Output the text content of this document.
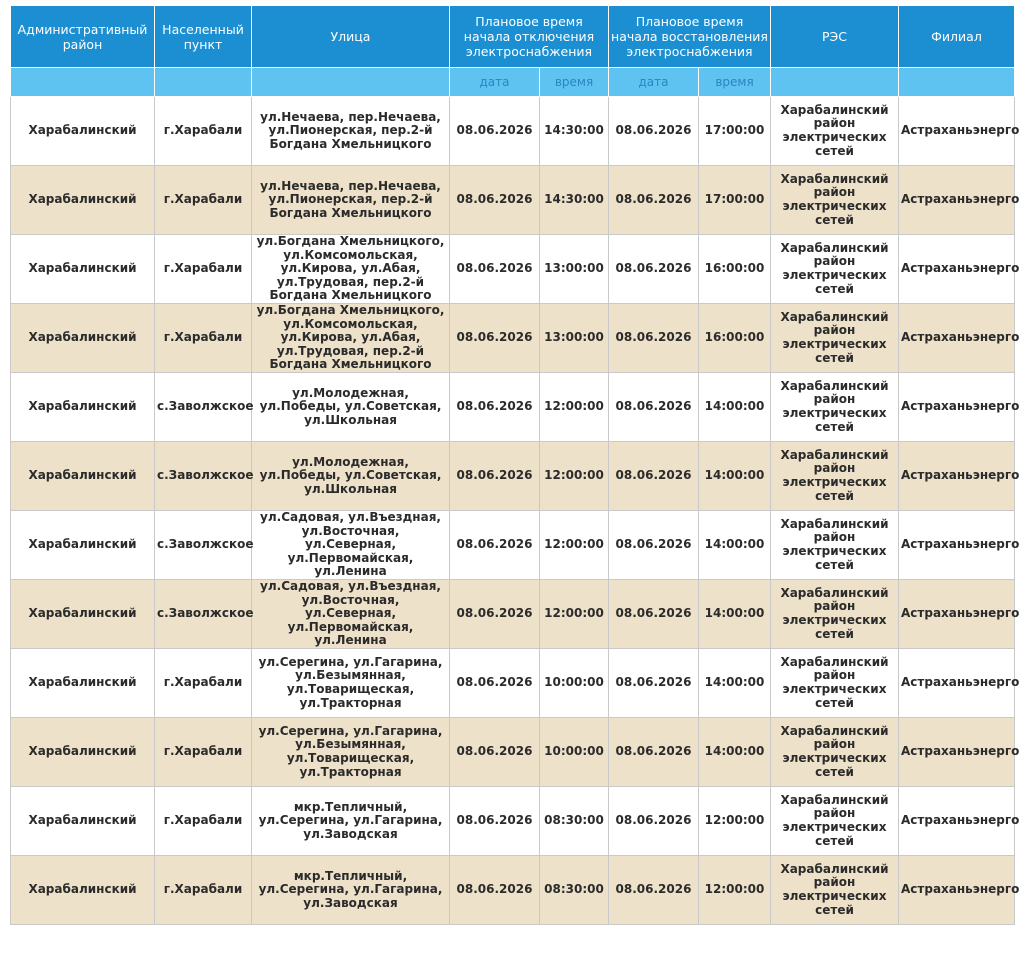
Административный район	Населенный пункт	Улица	Плановое время начала отключения электроснабжения		Плановое время начала восстановления электроснабжения		РЭС	Филиал
			дата	время	дата	время		
Харабалинский	г.Харабали	ул.Нечаева, пер.Нечаева, ул.Пионерская, пер.2-й Богдана Хмельницкого	08.06.2026	14:30:00	08.06.2026	17:00:00	Харабалинский район электрических сетей	Астраханьэнерго
Харабалинский	г.Харабали	ул.Нечаева, пер.Нечаева, ул.Пионерская, пер.2-й Богдана Хмельницкого	08.06.2026	14:30:00	08.06.2026	17:00:00	Харабалинский район электрических сетей	Астраханьэнерго
Харабалинский	г.Харабали	ул.Богдана Хмельницкого, ул.Комсомольская, ул.Кирова, ул.Абая, ул.Трудовая, пер.2-й Богдана Хмельницкого	08.06.2026	13:00:00	08.06.2026	16:00:00	Харабалинский район электрических сетей	Астраханьэнерго
Харабалинский	г.Харабали	ул.Богдана Хмельницкого, ул.Комсомольская, ул.Кирова, ул.Абая, ул.Трудовая, пер.2-й Богдана Хмельницкого	08.06.2026	13:00:00	08.06.2026	16:00:00	Харабалинский район электрических сетей	Астраханьэнерго
Харабалинский	с.Заволжское	ул.Молодежная, ул.Победы, ул.Советская, ул.Школьная	08.06.2026	12:00:00	08.06.2026	14:00:00	Харабалинский район электрических сетей	Астраханьэнерго
Харабалинский	с.Заволжское	ул.Молодежная, ул.Победы, ул.Советская, ул.Школьная	08.06.2026	12:00:00	08.06.2026	14:00:00	Харабалинский район электрических сетей	Астраханьэнерго
Харабалинский	с.Заволжское	ул.Садовая, ул.Въездная, ул.Восточная, ул.Северная, ул.Первомайская, ул.Ленина	08.06.2026	12:00:00	08.06.2026	14:00:00	Харабалинский район электрических сетей	Астраханьэнерго
Харабалинский	с.Заволжское	ул.Садовая, ул.Въездная, ул.Восточная, ул.Северная, ул.Первомайская, ул.Ленина	08.06.2026	12:00:00	08.06.2026	14:00:00	Харабалинский район электрических сетей	Астраханьэнерго
Харабалинский	г.Харабали	ул.Серегина, ул.Гагарина, ул.Безымянная, ул.Товарищеская, ул.Тракторная	08.06.2026	10:00:00	08.06.2026	14:00:00	Харабалинский район электрических сетей	Астраханьэнерго
Харабалинский	г.Харабали	ул.Серегина, ул.Гагарина, ул.Безымянная, ул.Товарищеская, ул.Тракторная	08.06.2026	10:00:00	08.06.2026	14:00:00	Харабалинский район электрических сетей	Астраханьэнерго
Харабалинский	г.Харабали	мкр.Тепличный, ул.Серегина, ул.Гагарина, ул.Заводская	08.06.2026	08:30:00	08.06.2026	12:00:00	Харабалинский район электрических сетей	Астраханьэнерго
Харабалинский	г.Харабали	мкр.Тепличный, ул.Серегина, ул.Гагарина, ул.Заводская	08.06.2026	08:30:00	08.06.2026	12:00:00	Харабалинский район электрических сетей	Астраханьэнерго
